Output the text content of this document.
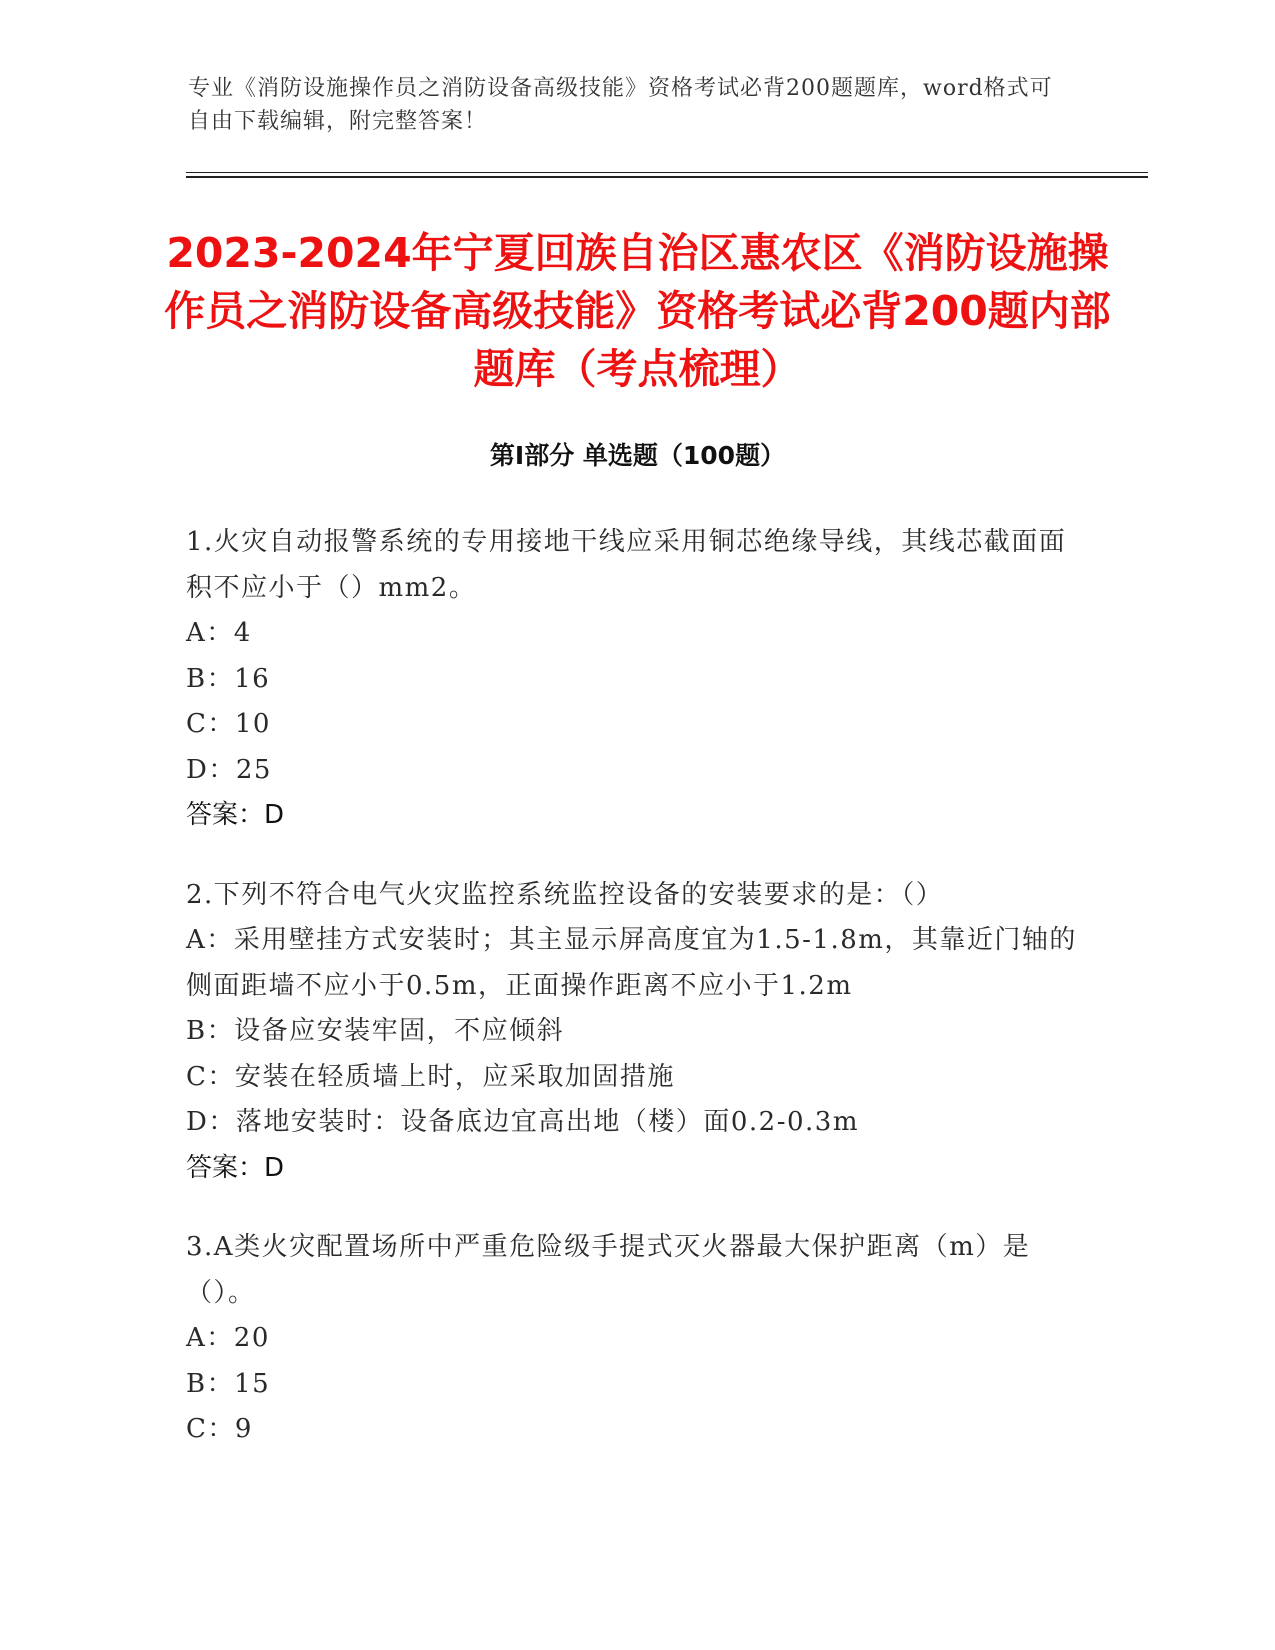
专业《消防设施操作员之消防设备高级技能》资格考试必背200题题库，word格式可自由下载编辑，附完整答案！
2023-2024年宁夏回族自治区惠农区《消防设施操作员之消防设备高级技能》资格考试必背200题内部题库（考点梳理）
第Ⅰ部分 单选题（100题）
1.火灾自动报警系统的专用接地干线应采用铜芯绝缘导线，其线芯截面面积不应小于（）mm2。
A：4
B：16
C：10
D：25
答案：D
2.下列不符合电气火灾监控系统监控设备的安装要求的是：（）
A：采用壁挂方式安装时；其主显示屏高度宜为1.5-1.8m，其靠近门轴的侧面距墙不应小于0.5m，正面操作距离不应小于1.2m
B：设备应安装牢固，不应倾斜
C：安装在轻质墙上时，应采取加固措施
D：落地安装时：设备底边宜高出地（楼）面0.2-0.3m
答案：D
3.A类火灾配置场所中严重危险级手提式灭火器最大保护距离（m）是（）。
A：20
B：15
C：9
